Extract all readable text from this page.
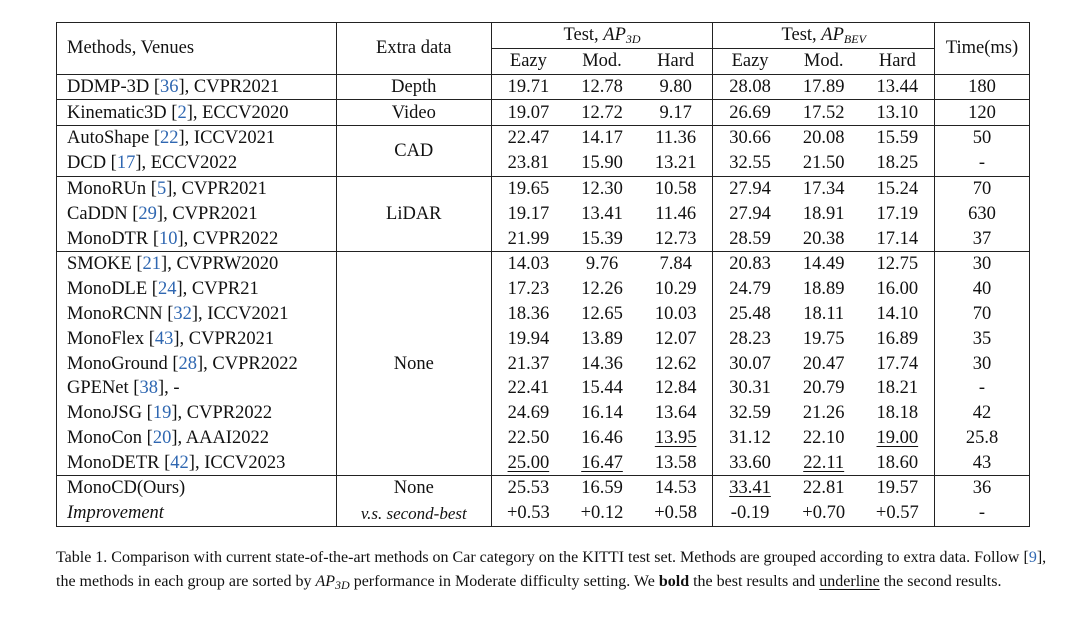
Methods, Venues	Extra data	Test, $AP_{3D}$			Test, $AP_{BEV}$			Time(ms)
		Eazy	Mod.	Hard	Eazy	Mod.	Hard	
DDMP-3D [36], CVPR2021	Depth	19.71	12.78	9.80	28.08	17.89	13.44	180
Kinematic3D [2], ECCV2020	Video	19.07	12.72	9.17	26.69	17.52	13.10	120
AutoShape [22], ICCV2021	CAD	22.47	14.17	11.36	30.66	20.08	15.59	50
DCD [17], ECCV2022		23.81	15.90	13.21	32.55	21.50	18.25	-
MonoRUn [5], CVPR2021	LiDAR	19.65	12.30	10.58	27.94	17.34	15.24	70
CaDDN [29], CVPR2021		19.17	13.41	11.46	27.94	18.91	17.19	630
MonoDTR [10], CVPR2022		21.99	15.39	12.73	28.59	20.38	17.14	37
SMOKE [21], CVPRW2020	None	14.03	9.76	7.84	20.83	14.49	12.75	30
MonoDLE [24], CVPR21		17.23	12.26	10.29	24.79	18.89	16.00	40
MonoRCNN [32], ICCV2021		18.36	12.65	10.03	25.48	18.11	14.10	70
MonoFlex [43], CVPR2021		19.94	13.89	12.07	28.23	19.75	16.89	35
MonoGround [28], CVPR2022		21.37	14.36	12.62	30.07	20.47	17.74	30
GPENet [38], -		22.41	15.44	12.84	30.31	20.79	18.21	-
MonoJSG [19], CVPR2022		24.69	16.14	13.64	32.59	21.26	18.18	42
MonoCon [20], AAAI2022		22.50	16.46	13.95	31.12	22.10	19.00	25.8
MonoDETR [42], ICCV2023		25.00	16.47	13.58	33.60	22.11	18.60	43
MonoCD(Ours)	None	25.53	16.59	14.53	33.41	22.81	19.57	36
Improvement	v.s. second-best	+0.53	+0.12	+0.58	-0.19	+0.70	+0.57	-
Table 1. Comparison with current state-of-the-art methods on Car category on the KITTI test set. Methods are grouped according to extra data. Follow [9], the methods in each group are sorted by $AP_{3D}$ performance in Moderate difficulty setting. We bold the best results and underline the second results.
